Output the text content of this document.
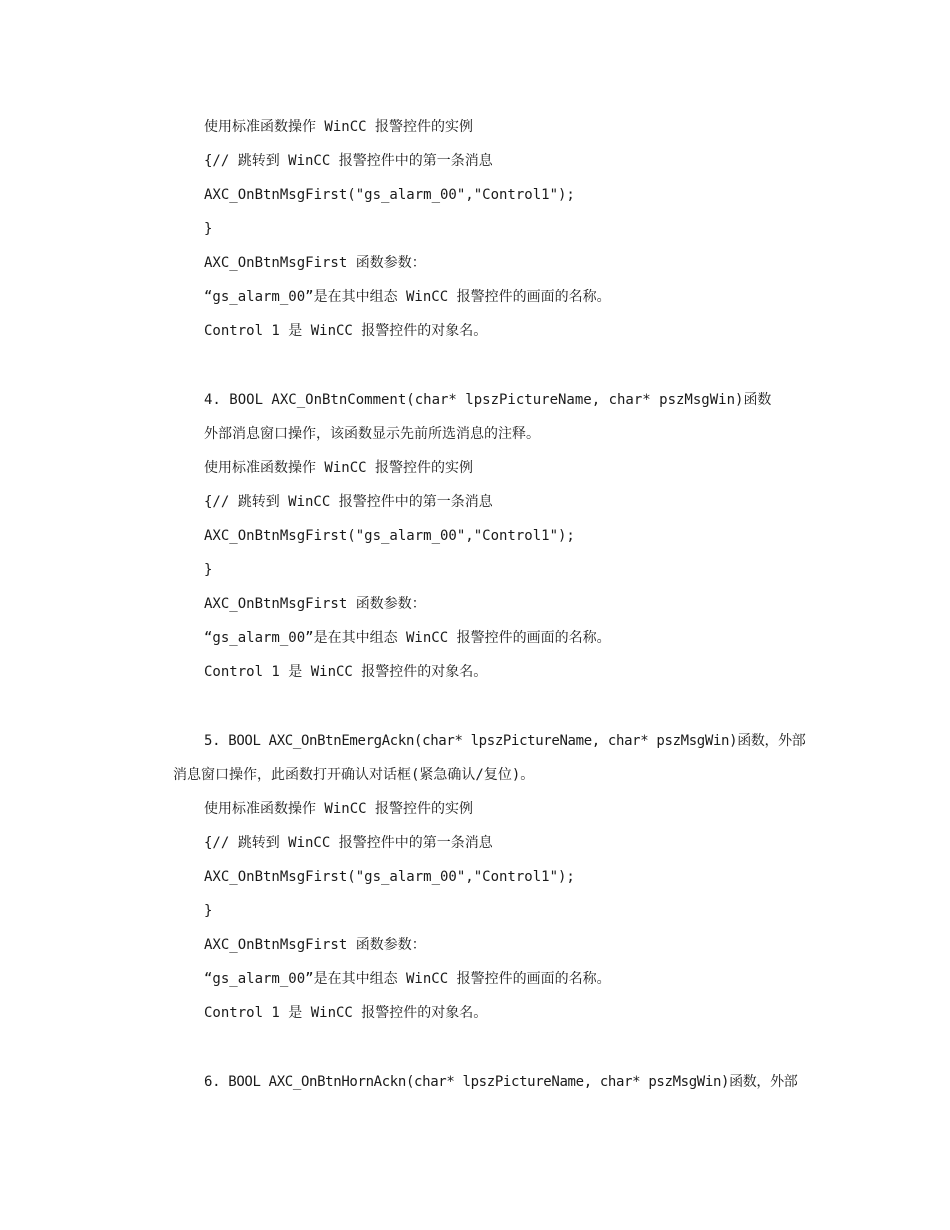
使用标准函数操作 WinCC 报警控件的实例
{// 跳转到 WinCC 报警控件中的第一条消息
AXC_OnBtnMsgFirst("gs_alarm_00","Control1");
}
AXC_OnBtnMsgFirst 函数参数：
“gs_alarm_00”是在其中组态 WinCC 报警控件的画面的名称。
Control 1 是 WinCC 报警控件的对象名。
4. BOOL AXC_OnBtnComment(char* lpszPictureName, char* pszMsgWin)函数
外部消息窗口操作，该函数显示先前所选消息的注释。
使用标准函数操作 WinCC 报警控件的实例
{// 跳转到 WinCC 报警控件中的第一条消息
AXC_OnBtnMsgFirst("gs_alarm_00","Control1");
}
AXC_OnBtnMsgFirst 函数参数：
“gs_alarm_00”是在其中组态 WinCC 报警控件的画面的名称。
Control 1 是 WinCC 报警控件的对象名。
5. BOOL AXC_OnBtnEmergAckn(char* lpszPictureName, char* pszMsgWin)函数，外部
消息窗口操作，此函数打开确认对话框(紧急确认/复位)。
使用标准函数操作 WinCC 报警控件的实例
{// 跳转到 WinCC 报警控件中的第一条消息
AXC_OnBtnMsgFirst("gs_alarm_00","Control1");
}
AXC_OnBtnMsgFirst 函数参数：
“gs_alarm_00”是在其中组态 WinCC 报警控件的画面的名称。
Control 1 是 WinCC 报警控件的对象名。
6. BOOL AXC_OnBtnHornAckn(char* lpszPictureName, char* pszMsgWin)函数，外部
